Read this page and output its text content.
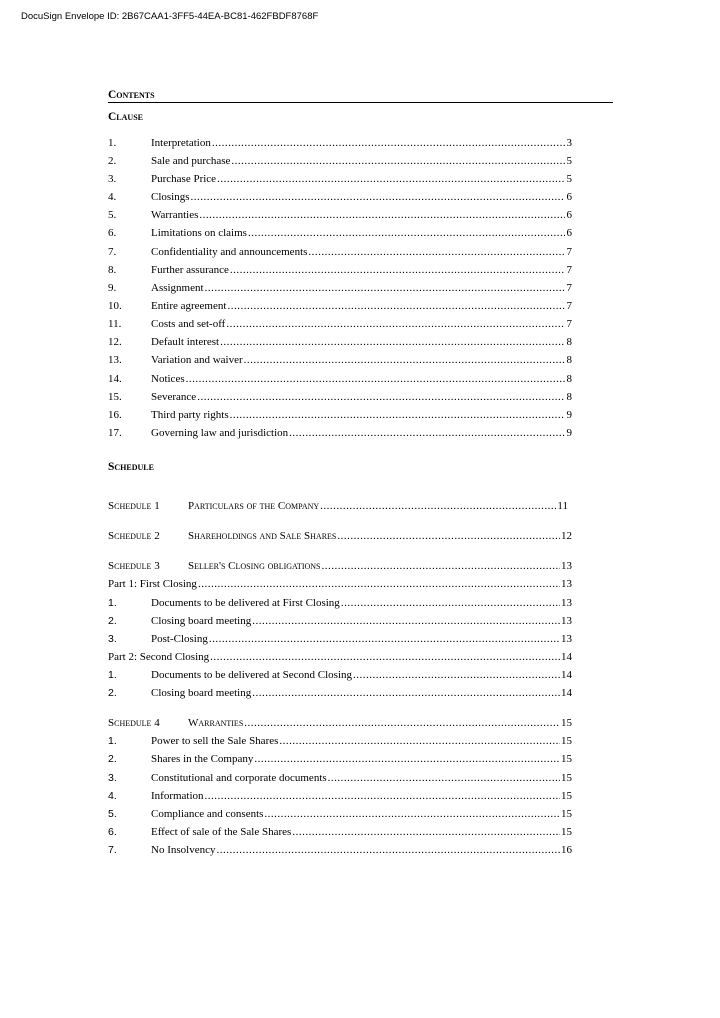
DocuSign Envelope ID: 2B67CAA1-3FF5-44EA-BC81-462FBDF8768F
Contents
Clause
1.	Interpretation .....	3
2.	Sale and purchase .....	5
3.	Purchase Price .....	5
4.	Closings .....	6
5.	Warranties .....	6
6.	Limitations on claims .....	6
7.	Confidentiality and announcements .....	7
8.	Further assurance .....	7
9.	Assignment .....	7
10.	Entire agreement .....	7
11.	Costs and set-off .....	7
12.	Default interest .....	8
13.	Variation and waiver .....	8
14.	Notices .....	8
15.	Severance .....	8
16.	Third party rights .....	9
17.	Governing law and jurisdiction .....	9
Schedule
Schedule 1	Particulars of the Company .....	11
Schedule 2	Shareholdings and Sale Shares .....	12
Schedule 3	Seller's Closing obligations .....	13
Part 1: First Closing .....	13
1.	Documents to be delivered at First Closing .....	13
2.	Closing board meeting .....	13
3.	Post-Closing .....	13
Part 2: Second Closing .....	14
1.	Documents to be delivered at Second Closing .....	14
2.	Closing board meeting .....	14
Schedule 4	Warranties .....	15
1.	Power to sell the Sale Shares .....	15
2.	Shares in the Company .....	15
3.	Constitutional and corporate documents .....	15
4.	Information .....	15
5.	Compliance and consents .....	15
6.	Effect of sale of the Sale Shares .....	15
7.	No Insolvency .....	16
